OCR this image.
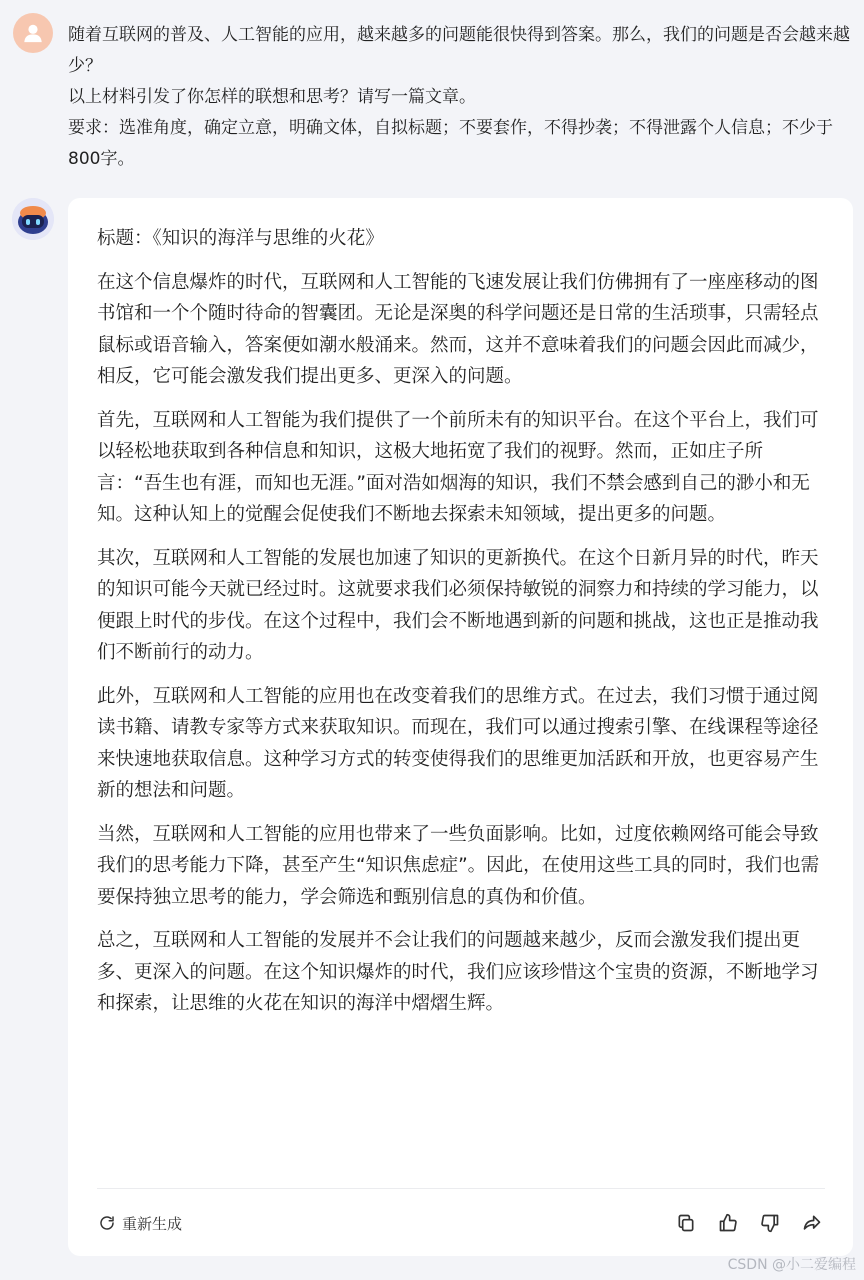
随着互联网的普及、人工智能的应用，越来越多的问题能很快得到答案。那么，我们的问题是否会越来越少？

以上材料引发了你怎样的联想和思考？请写一篇文章。

要求：选准角度，确定立意，明确文体，自拟标题；不要套作，不得抄袭；不得泄露个人信息；不少于800字。

标题：《知识的海洋与思维的火花》

在这个信息爆炸的时代，互联网和人工智能的飞速发展让我们仿佛拥有了一座座移动的图书馆和一个个随时待命的智囊团。无论是深奥的科学问题还是日常的生活琐事，只需轻点鼠标或语音输入，答案便如潮水般涌来。然而，这并不意味着我们的问题会因此而减少，相反，它可能会激发我们提出更多、更深入的问题。

首先，互联网和人工智能为我们提供了一个前所未有的知识平台。在这个平台上，我们可以轻松地获取到各种信息和知识，这极大地拓宽了我们的视野。然而，正如庄子所言：“吾生也有涯，而知也无涯。”面对浩如烟海的知识，我们不禁会感到自己的渺小和无知。这种认知上的觉醒会促使我们不断地去探索未知领域，提出更多的问题。

其次，互联网和人工智能的发展也加速了知识的更新换代。在这个日新月异的时代，昨天的知识可能今天就已经过时。这就要求我们必须保持敏锐的洞察力和持续的学习能力，以便跟上时代的步伐。在这个过程中，我们会不断地遇到新的问题和挑战，这也正是推动我们不断前行的动力。

此外，互联网和人工智能的应用也在改变着我们的思维方式。在过去，我们习惯于通过阅读书籍、请教专家等方式来获取知识。而现在，我们可以通过搜索引擎、在线课程等途径来快速地获取信息。这种学习方式的转变使得我们的思维更加活跃和开放，也更容易产生新的想法和问题。

当然，互联网和人工智能的应用也带来了一些负面影响。比如，过度依赖网络可能会导致我们的思考能力下降，甚至产生“知识焦虑症”。因此，在使用这些工具的同时，我们也需要保持独立思考的能力，学会筛选和甄别信息的真伪和价值。

总之，互联网和人工智能的发展并不会让我们的问题越来越少，反而会激发我们提出更多、更深入的问题。在这个知识爆炸的时代，我们应该珍惜这个宝贵的资源，不断地学习和探索，让思维的火花在知识的海洋中熠熠生辉。

重新生成
CSDN @小二爱编程
